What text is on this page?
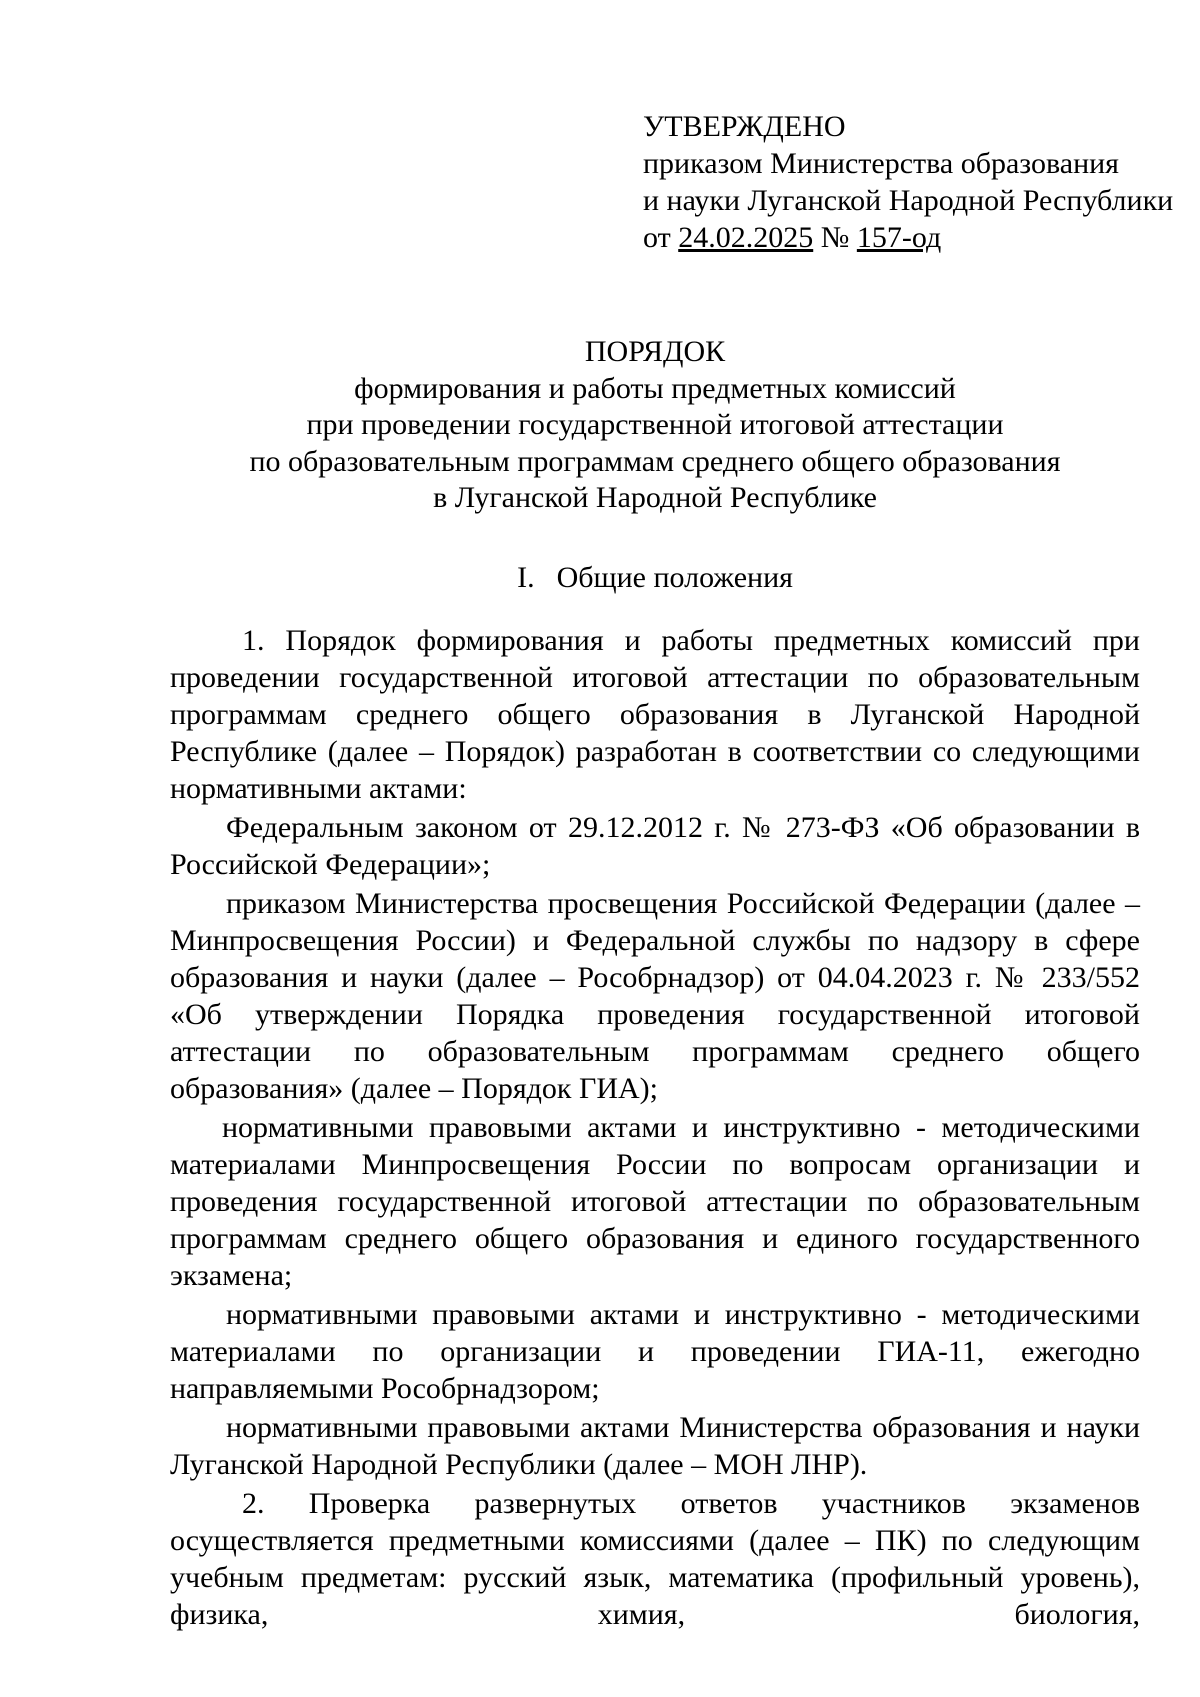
УТВЕРЖДЕНО
приказом Министерства образования
и науки Луганской Народной Республики
от 24.02.2025 № 157-од
ПОРЯДОК
формирования и работы предметных комиссий
при проведении государственной итоговой аттестации
по образовательным программам среднего общего образования
в Луганской Народной Республике
I. Общие положения

1. Порядок формирования и работы предметных комиссий при проведении государственной итоговой аттестации по образовательным программам среднего общего образования в Луганской Народной Республике (далее – Порядок) разработан в соответствии со следующими нормативными актами:

Федеральным законом от 29.12.2012 г. № 273-ФЗ «Об образовании в Российской Федерации»;

приказом Министерства просвещения Российской Федерации (далее – Минпросвещения России) и Федеральной службы по надзору в сфере образования и науки (далее – Рособрнадзор) от 04.04.2023 г. № 233/552 «Об утверждении Порядка проведения государственной итоговой аттестации по образовательным программам среднего общего образования» (далее – Порядок ГИА);

нормативными правовыми актами и инструктивно - методическими материалами Минпросвещения России по вопросам организации и проведения государственной итоговой аттестации по образовательным программам среднего общего образования и единого государственного экзамена;

нормативными правовыми актами и инструктивно - методическими материалами по организации и проведении ГИА-11, ежегодно направляемыми Рособрнадзором;

нормативными правовыми актами Министерства образования и науки Луганской Народной Республики (далее – МОН ЛНР).

2. Проверка развернутых ответов участников экзаменов осуществляется предметными комиссиями (далее – ПК) по следующим учебным предметам: русский язык, математика (профильный уровень), физика, химия, биология,
